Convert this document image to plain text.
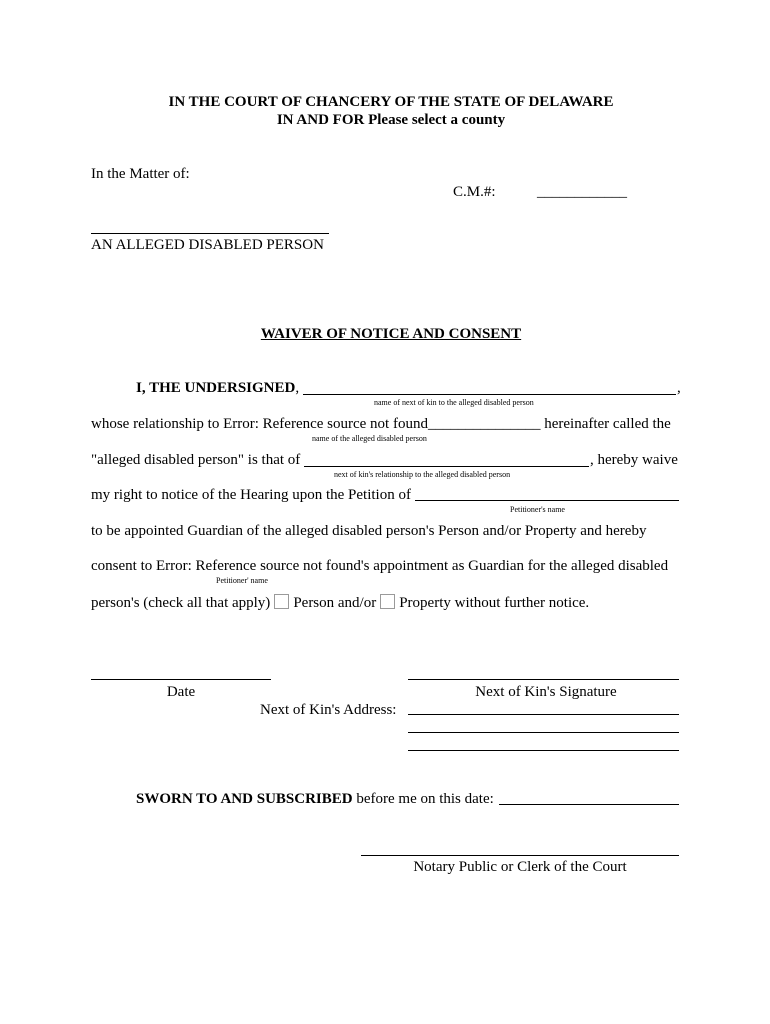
IN THE COURT OF CHANCERY OF THE STATE OF DELAWARE
IN AND FOR Please select a county
In the Matter of:
C.M.#:	____________
AN ALLEGED DISABLED PERSON
WAIVER OF NOTICE AND CONSENT
I, THE UNDERSIGNED,	,
name of next of kin to the alleged disabled person
whose relationship to Error: Reference source not found_______________ hereinafter called the
name of the alleged disabled person
"alleged disabled person" is that of	, hereby waive
next of kin's relationship to the alleged disabled person
my right to notice of the Hearing upon the Petition of
Petitioner's name
to be appointed Guardian of the alleged disabled person's Person and/or Property and hereby
consent to Error: Reference source not found's appointment as Guardian for the alleged disabled
Petitioner' name
person's (check all that apply) Person and/or Property without further notice.
Date	Next of Kin's Signature
Next of Kin's Address:
SWORN TO AND SUBSCRIBED before me on this date:
Notary Public or Clerk of the Court
